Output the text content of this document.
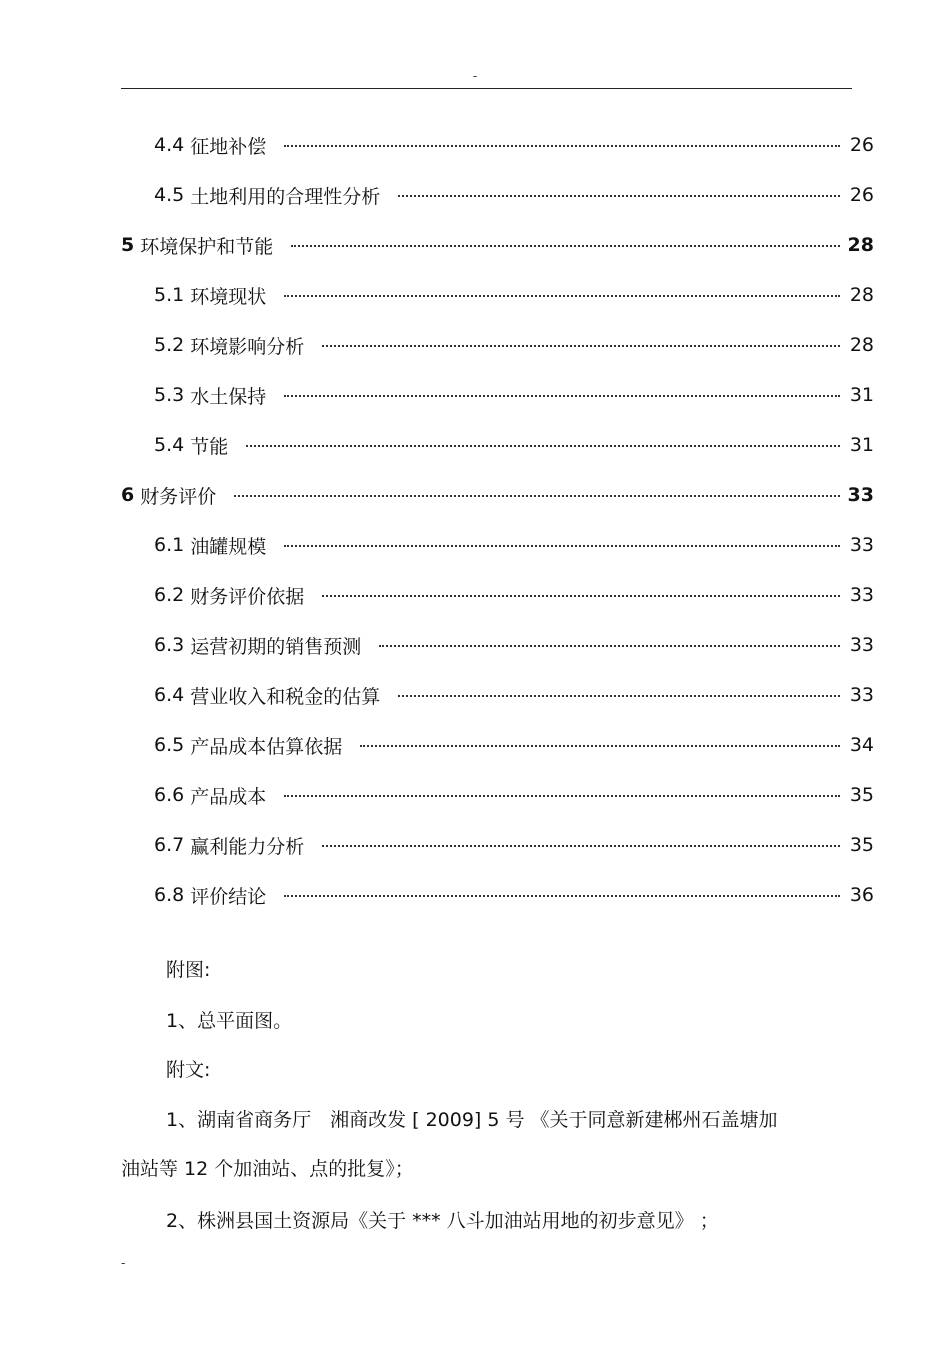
-
4.4 征地补偿	26
4.5 土地利用的合理性分析	26
5 环境保护和节能	28
5.1 环境现状	28
5.2 环境影响分析	28
5.3 水土保持	31
5.4 节能	31
6 财务评价	33
6.1 油罐规模	33
6.2 财务评价依据	33
6.3 运营初期的销售预测	33
6.4 营业收入和税金的估算	33
6.5 产品成本估算依据	34
6.6 产品成本	35
6.7 赢利能力分析	35
6.8 评价结论	36
附图:
1、总平面图。
附文:
1、湖南省商务厅　湘商改发 [ 2009] 5 号 《关于同意新建郴州石盖塘加
油站等 12 个加油站、点的批复》；
2、株洲县国土资源局《关于 *** 八斗加油站用地的初步意见》 ；
-
